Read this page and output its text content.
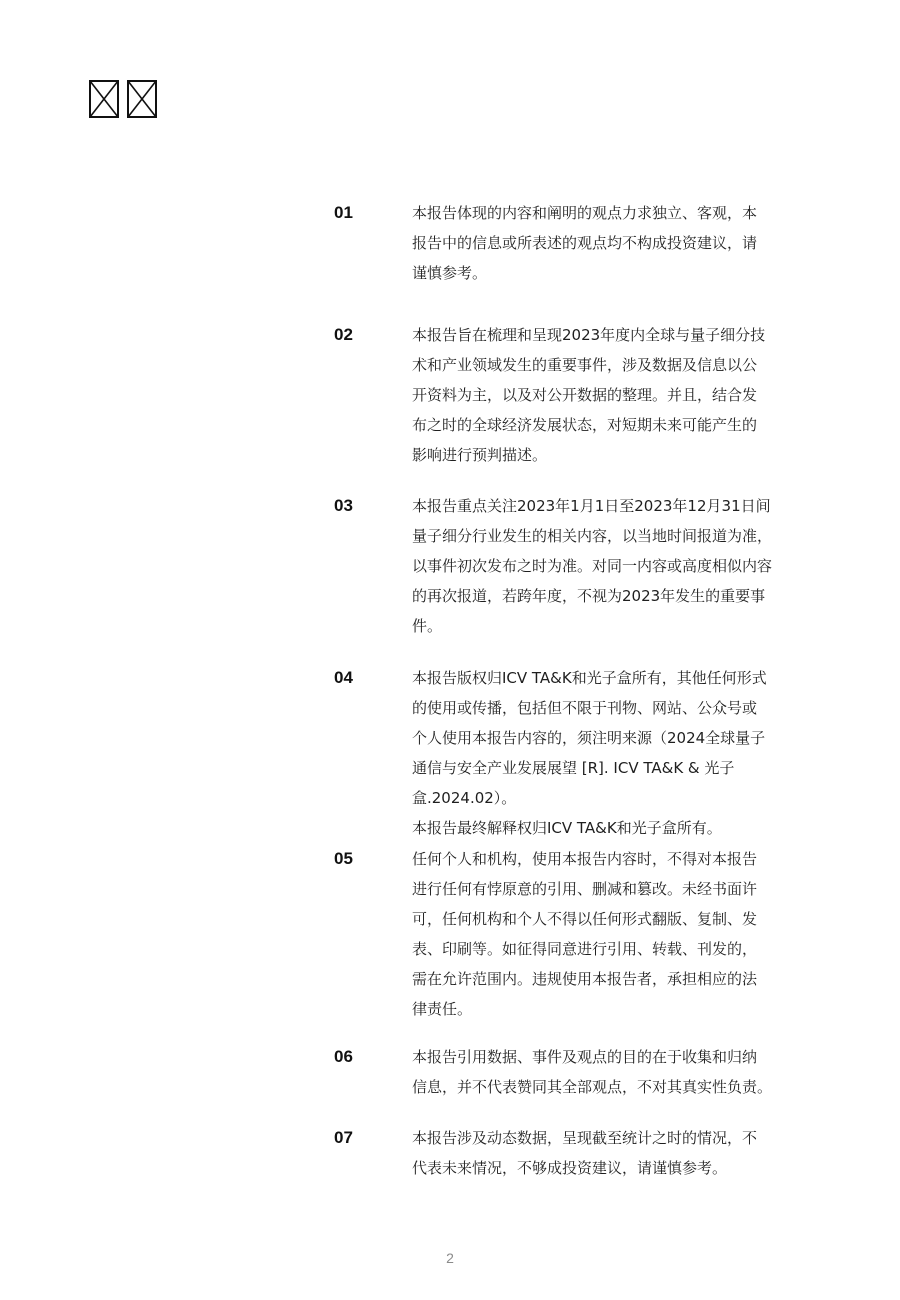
01	本报告体现的内容和阐明的观点力求独立、客观，本

报告中的信息或所表述的观点均不构成投资建议，请

谨慎参考。

02	本报告旨在梳理和呈现2023年度内全球与量子细分技

术和产业领域发生的重要事件，涉及数据及信息以公

开资料为主，以及对公开数据的整理。并且，结合发

布之时的全球经济发展状态，对短期未来可能产生的

影响进行预判描述。

03	本报告重点关注2023年1月1日至2023年12月31日间

量子细分行业发生的相关内容，以当地时间报道为准，

以事件初次发布之时为准。对同一内容或高度相似内容

的再次报道，若跨年度，不视为2023年发生的重要事

件。

04	本报告版权归ICV TA&K和光子盒所有，其他任何形式

的使用或传播，包括但不限于刊物、网站、公众号或

个人使用本报告内容的，须注明来源（2024全球量子

通信与安全产业发展展望 [R]. ICV TA&K & 光子

盒.2024.02）。

本报告最终解释权归ICV TA&K和光子盒所有。

05	任何个人和机构，使用本报告内容时，不得对本报告

进行任何有悖原意的引用、删减和篡改。未经书面许

可，任何机构和个人不得以任何形式翻版、复制、发

表、印刷等。如征得同意进行引用、转载、刊发的，

需在允许范围内。违规使用本报告者，承担相应的法

律责任。

06	本报告引用数据、事件及观点的目的在于收集和归纳

信息，并不代表赞同其全部观点，不对其真实性负责。

07	本报告涉及动态数据，呈现截至统计之时的情况，不

代表未来情况，不够成投资建议，请谨慎参考。

2
